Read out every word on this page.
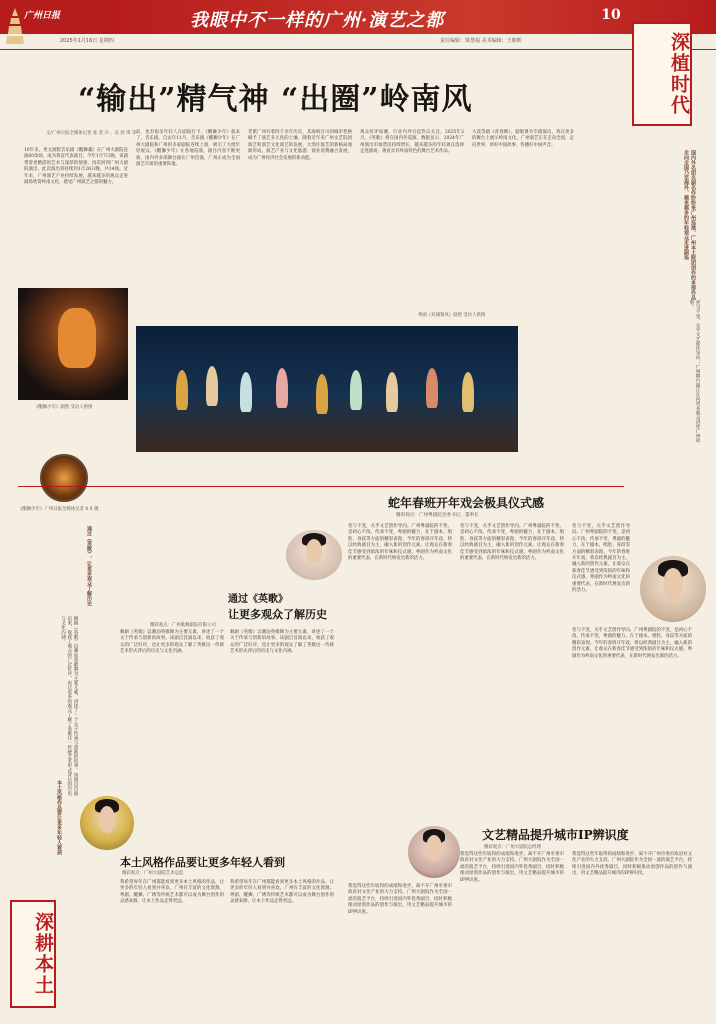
广州日报	我眼中不一样的广州·演艺之都	10
2025年1月16日 星期四	责任编辑：梁慧福 美术编辑：王朝晖	深植时代
深耕本土
“输出”精气神 “出圈”岭南风
文/广州日报全媒体记者 张 者 卉 、吴 舒 琪 等
10年来，更文演版音乐剧《醒狮魂》在广州大剧院连演60余场，成为我省代表剧目。今年1月7日晚，该剧带着更精湛的艺术与深厚的情感，再次回到广州大剧院演出，此次演出将持续到1月26日晚，共14场。近年来，广州演艺产业持续发展，越来越多的观众走进剧场欣赏岭南文化，感受广州演艺之都的魅力。
前，也有很多年轻人在剧院打卡。《醒狮少年》就来了，音乐剧。自去年11月，音乐剧《醒狮少年》在广州大剧院和广州的多家剧院连续上演，吸引了大批年轻观众。《醒狮少年》在各地巡演，剧目内容不断更新。国内外多部舞台剧在广州首演，广州正成为全国演艺市场的重要阵地。
老派广州有着四千多年历史，其海纳百川的城市性格赋予了演艺多元化的土壤。随着近年来广州文艺院团演艺和演艺文化演艺的发展，大湾区演艺的新格局逐渐形成。演艺产业与文化旅游、商业消费融合发展，成为广州经济社会发展的新动能。
观众好评如潮，行业内外引起热议关注。2025年2月，《英歌》将在国内外巡演。数据显示，2024年广州演出市场票房持续增长，越来越多的年轻观众选择走进剧场，观看具有岭南特色的舞台艺术作品。
大戏等剧《青春舞》，剧版署为专剧演员，将在更多的舞台上展示岭南文化。广州演艺正在走向全国，走向世界，讲好中国故事，传播好中国声音。
国内外名团名剧名作纷纷来广州巡演，广州本土院团创作的多部作品走向全国乃至海外，越来越多的年轻观众走进剧场
更与不变，关乎文艺创作导向；广州舞台剧正在向更多观众讲述广州故事。
《醒狮少年》剧照 受访人供图
粤剧《双城雏凤》剧照 受访人供图
《醒狮少年》广州日报全媒体记者 X X 摄	蛇年春班开年戏会极具仪式感
精彩观点：广州粤剧院党委书记、董事长
变与不变，关乎文艺创作导向。广州粤剧院的不变，是初心不改、传承不变，粤剧的魅力，在于剧本、唱腔、身段等方面的精彩表现。今年的春班开年戏，将以经典剧目为主，融入新的创作元素，让观众在新春佳节感受到浓浓的年味和仪式感。粤剧作为岭南文化的重要代表，在新时代焕发出新的活力。
变与不变，关乎文艺创作导向。广州粤剧院的不变，是初心不改、传承不变，粤剧的魅力，在于剧本、唱腔、身段等方面的精彩表现。今年的春班开年戏，将以经典剧目为主，融入新的创作元素，让观众在新春佳节感受到浓浓的年味和仪式感。粤剧作为岭南文化的重要代表，在新时代焕发出新的活力。
变与不变，关乎文艺创作导向。广州粤剧院的不变，是初心不改、传承不变，粤剧的魅力，在于剧本、唱腔、身段等方面的精彩表现。今年的春班开年戏，将以经典剧目为主，融入新的创作元素，让观众在新春佳节感受到浓浓的年味和仪式感。粤剧作为岭南文化的重要代表，在新时代焕发出新的活力。
变与不变，关乎文艺创作导向。广州粤剧院的不变，是初心不改、传承不变，粤剧的魅力，在于剧本、唱腔、身段等方面的精彩表现。今年的春班开年戏，将以经典剧目为主，融入新的创作元素，让观众在新春佳节感受到浓浓的年味和仪式感。粤剧作为岭南文化的重要代表，在新时代焕发出新的活力。
通过《英歌》，让更多观众了解历史	通过《英歌》
让更多观众了解历史
精彩观点：广州歌舞剧院有限公司
舞剧《英歌》以潮汕英歌舞为主要元素，讲述了一个关于传承与创新的故事。该剧自首演以来，收获了观众的广泛好评，也让更多的观众了解了英歌这一传统艺术形式背后的历史与文化内涵。
舞剧《英歌》以潮汕英歌舞为主要元素，讲述了一个关于传承与创新的故事。该剧自首演以来，收获了观众的广泛好评，也让更多的观众了解了英歌这一传统艺术形式背后的历史与文化内涵。
舞剧《英歌》以潮汕英歌舞为主要元素，讲述了一个关于传承与创新的故事。该剧自首演以来，收获了观众的广泛好评，也让更多的观众了解了英歌这一传统艺术形式背后的历史与文化内涵。
文艺精品提升城市IP辨识度
精彩观点：广州大剧院总经理
我觉得这些年取得的成绩和进步，离不开广州市委市政府对文化产业的大力支持。广州大剧院作为全国一流的演艺平台，持续引进国内外优秀剧目，同时积极推动原创作品的创作与演出，用文艺精品提升城市的IP辨识度。
我觉得这些年取得的成绩和进步，离不开广州市委市政府对文化产业的大力支持。广州大剧院作为全国一流的演艺平台，持续引进国内外优秀剧目，同时积极推动原创作品的创作与演出，用文艺精品提升城市的IP辨识度。
我觉得这些年取得的成绩和进步，离不开广州市委市政府对文化产业的大力支持。广州大剧院作为全国一流的演艺平台，持续引进国内外优秀剧目，同时积极推动原创作品的创作与演出，用文艺精品提升城市的IP辨识度。
本土风格作品要让更多年轻人看到
本土风格作品要让更多年轻人看到
精彩观点：广州大剧院艺术总监
我希望每年在广州都能看到更多本土风格的作品，让更多的年轻人看到并喜欢。广州有丰富的文化资源，粤剧、醒狮、广绣等传统艺术都可以成为舞台创作的灵感来源，让本土作品走得更远。
我希望每年在广州都能看到更多本土风格的作品，让更多的年轻人看到并喜欢。广州有丰富的文化资源，粤剧、醒狮、广绣等传统艺术都可以成为舞台创作的灵感来源，让本土作品走得更远。
